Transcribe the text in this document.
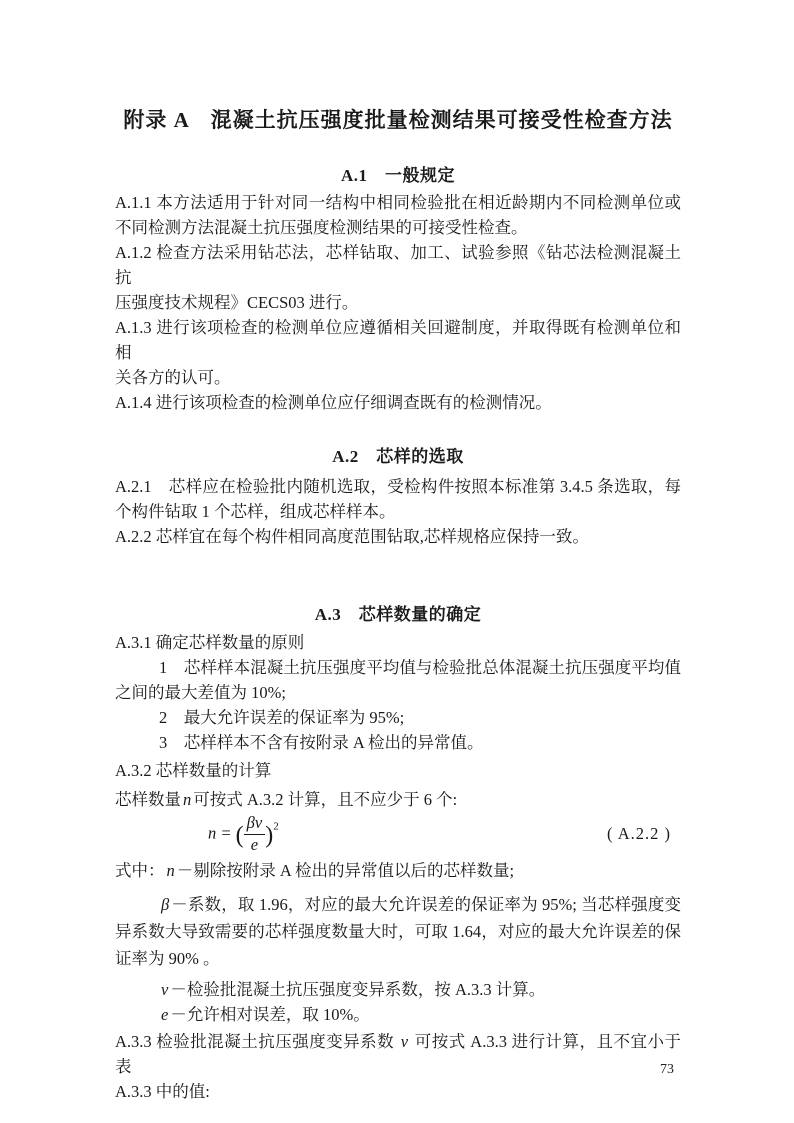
附录 A　混凝土抗压强度批量检测结果可接受性检查方法
A.1　一般规定
A.1.1 本方法适用于针对同一结构中相同检验批在相近龄期内不同检测单位或
不同检测方法混凝土抗压强度检测结果的可接受性检查。
A.1.2 检查方法采用钻芯法，芯样钻取、加工、试验参照《钻芯法检测混凝土抗
压强度技术规程》CECS03 进行。
A.1.3 进行该项检查的检测单位应遵循相关回避制度，并取得既有检测单位和相
关各方的认可。
A.1.4 进行该项检查的检测单位应仔细调查既有的检测情况。
A.2　芯样的选取
A.2.1　芯样应在检验批内随机选取，受检构件按照本标准第 3.4.5 条选取，每
个构件钻取 1 个芯样，组成芯样样本。
A.2.2 芯样宜在每个构件相同高度范围钻取,芯样规格应保持一致。
A.3　芯样数量的确定
A.3.1 确定芯样数量的原则
1　芯样样本混凝土抗压强度平均值与检验批总体混凝土抗压强度平均值
之间的最大差值为 10%;
2　最大允许误差的保证率为 95%;
3　芯样样本不含有按附录 A 检出的异常值。
A.3.2 芯样数量的计算
芯样数量 n 可按式 A.3.2 计算，且不应少于 6 个:
n = ( $\frac{\beta v}{e} )^2$	( A.2.2 )
式中： n －剔除按附录 A 检出的异常值以后的芯样数量;
β －系数，取 1.96，对应的最大允许误差的保证率为 95%; 当芯样强度变
异系数大导致需要的芯样强度数量大时，可取 1.64，对应的最大允许误差的保
证率为 90% 。
v －检验批混凝土抗压强度变异系数，按 A.3.3 计算。
e －允许相对误差，取 10%。
A.3.3 检验批混凝土抗压强度变异系数 v 可按式 A.3.3 进行计算，且不宜小于表
A.3.3 中的值:
73
